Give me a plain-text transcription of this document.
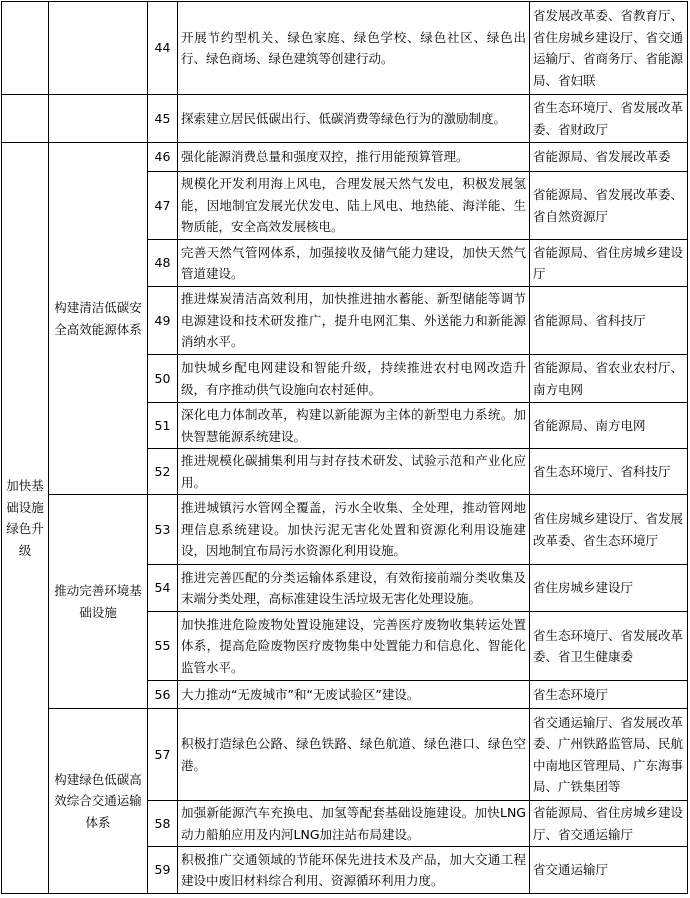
		44	开展节约型机关、绿色家庭、绿色学校、绿色社区、绿色出行、绿色商场、绿色建筑等创建行动。	省发展改革委、省教育厅、省住房城乡建设厅、省交通运输厅、省商务厅、省能源局、省妇联
		45	探索建立居民低碳出行、低碳消费等绿色行为的激励制度。	省生态环境厅、省发展改革委、省财政厅

加快基础设施绿色升级	构建清洁低碳安全高效能源体系	46	强化能源消费总量和强度双控，推行用能预算管理。	省能源局、省发展改革委
		47	规模化开发利用海上风电，合理发展天然气发电，积极发展氢能，因地制宜发展光伏发电、陆上风电、地热能、海洋能、生物质能，安全高效发展核电。	省能源局、省发展改革委、省自然资源厅
		48	完善天然气管网体系，加强接收及储气能力建设，加快天然气管道建设。	省能源局、省住房城乡建设厅
		49	推进煤炭清洁高效利用，加快推进抽水蓄能、新型储能等调节电源建设和技术研发推广，提升电网汇集、外送能力和新能源消纳水平。	省能源局、省科技厅
		50	加快城乡配电网建设和智能升级，持续推进农村电网改造升级，有序推动供气设施向农村延伸。	省能源局、省农业农村厅、南方电网
		51	深化电力体制改革，构建以新能源为主体的新型电力系统。加快智慧能源系统建设。	省能源局、南方电网
		52	推进规模化碳捕集利用与封存技术研发、试验示范和产业化应用。	省生态环境厅、省科技厅

	推动完善环境基础设施	53	推进城镇污水管网全覆盖，污水全收集、全处理，推动管网地理信息系统建设。加快污泥无害化处置和资源化利用设施建设，因地制宜布局污水资源化利用设施。	省住房城乡建设厅、省发展改革委、省生态环境厅
		54	推进完善匹配的分类运输体系建设，有效衔接前端分类收集及末端分类处理，高标准建设生活垃圾无害化处理设施。	省住房城乡建设厅
		55	加快推进危险废物处置设施建设，完善医疗废物收集转运处置体系，提高危险废物医疗废物集中处置能力和信息化、智能化监管水平。	省生态环境厅、省发展改革委、省卫生健康委
		56	大力推动“无废城市”和“无废试验区”建设。	省生态环境厅

	构建绿色低碳高效综合交通运输体系	57	积极打造绿色公路、绿色铁路、绿色航道、绿色港口、绿色空港。	省交通运输厅、省发展改革委、广州铁路监管局、民航中南地区管理局、广东海事局、广铁集团等
		58	加强新能源汽车充换电、加氢等配套基础设施建设。加快LNG动力船舶应用及内河LNG加注站布局建设。	省能源局、省住房城乡建设厅、省交通运输厅
		59	积极推广交通领域的节能环保先进技术及产品，加大交通工程建设中废旧材料综合利用、资源循环利用力度。	省交通运输厅
